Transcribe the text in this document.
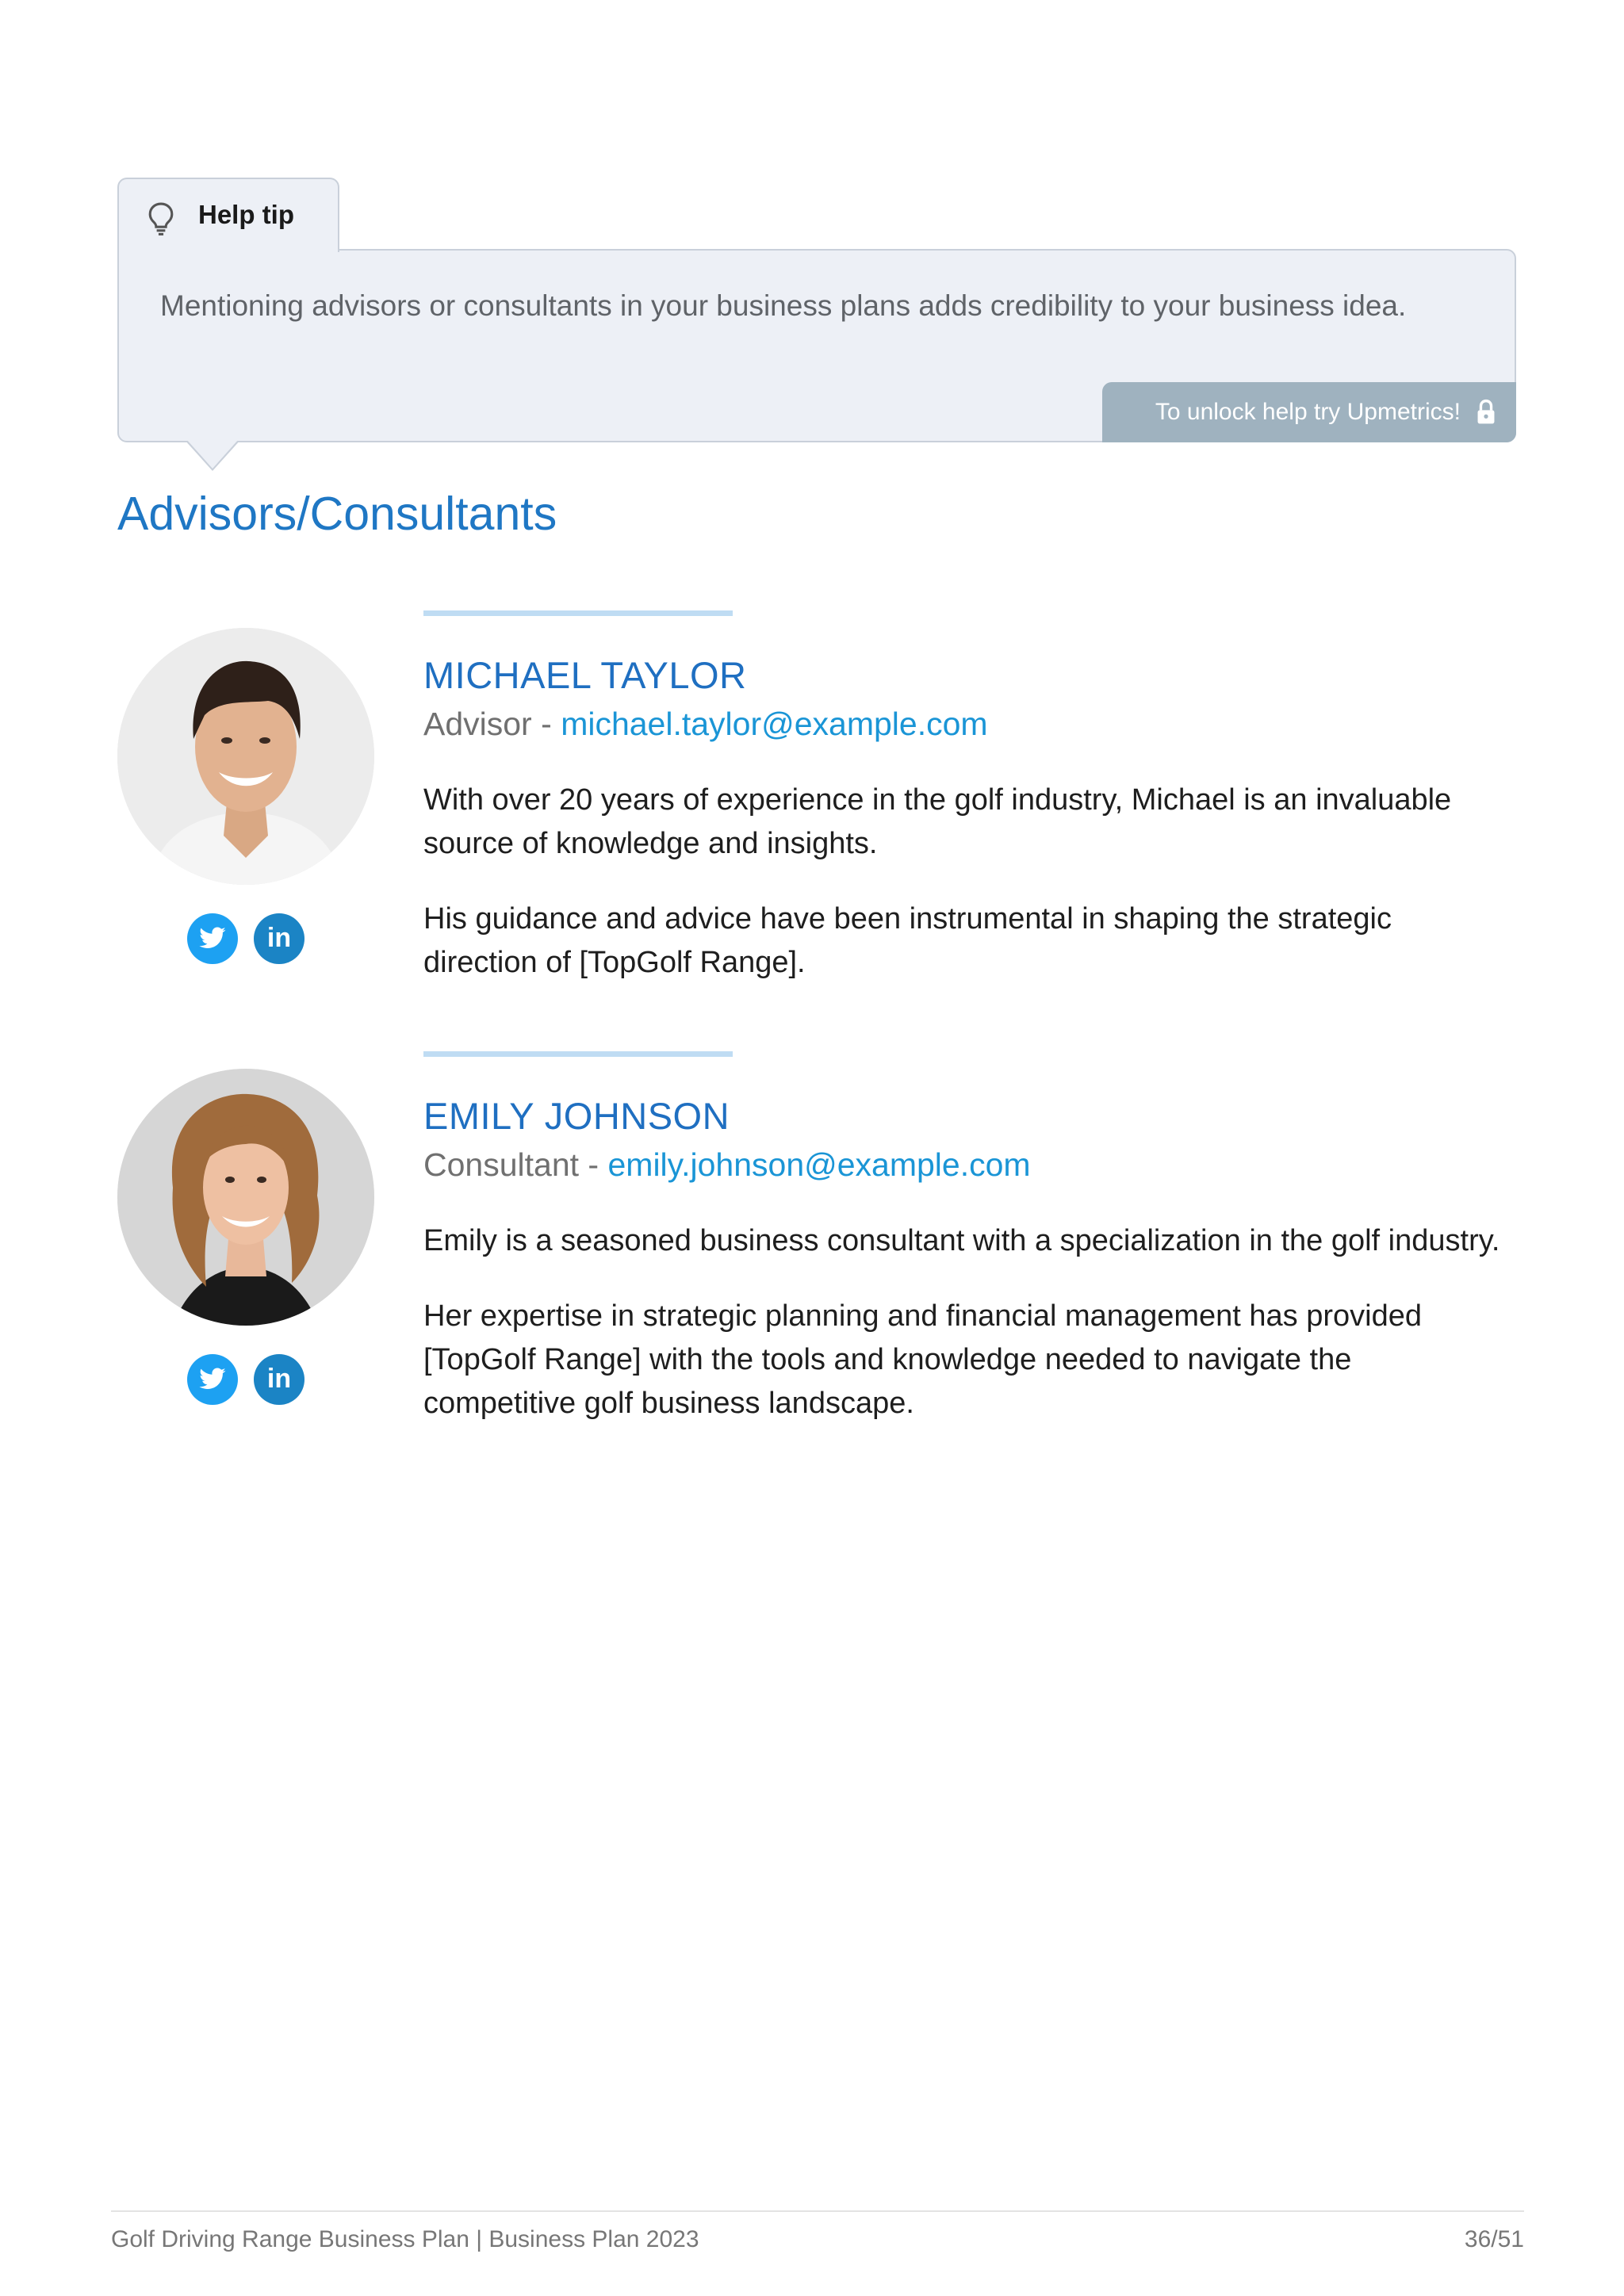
Help tip
Mentioning advisors or consultants in your business plans adds credibility to your business idea.
To unlock help try Upmetrics!
Advisors/Consultants
in
MICHAEL TAYLOR
Advisor - michael.taylor@example.com

With over 20 years of experience in the golf industry, Michael is an invaluable source of knowledge and insights.

His guidance and advice have been instrumental in shaping the strategic direction of [TopGolf Range].

in
EMILY JOHNSON
Consultant - emily.johnson@example.com

Emily is a seasoned business consultant with a specialization in the golf industry.

Her expertise in strategic planning and financial management has provided [TopGolf Range] with the tools and knowledge needed to navigate the competitive golf business landscape.

Golf Driving Range Business Plan | Business Plan 2023	36/51
